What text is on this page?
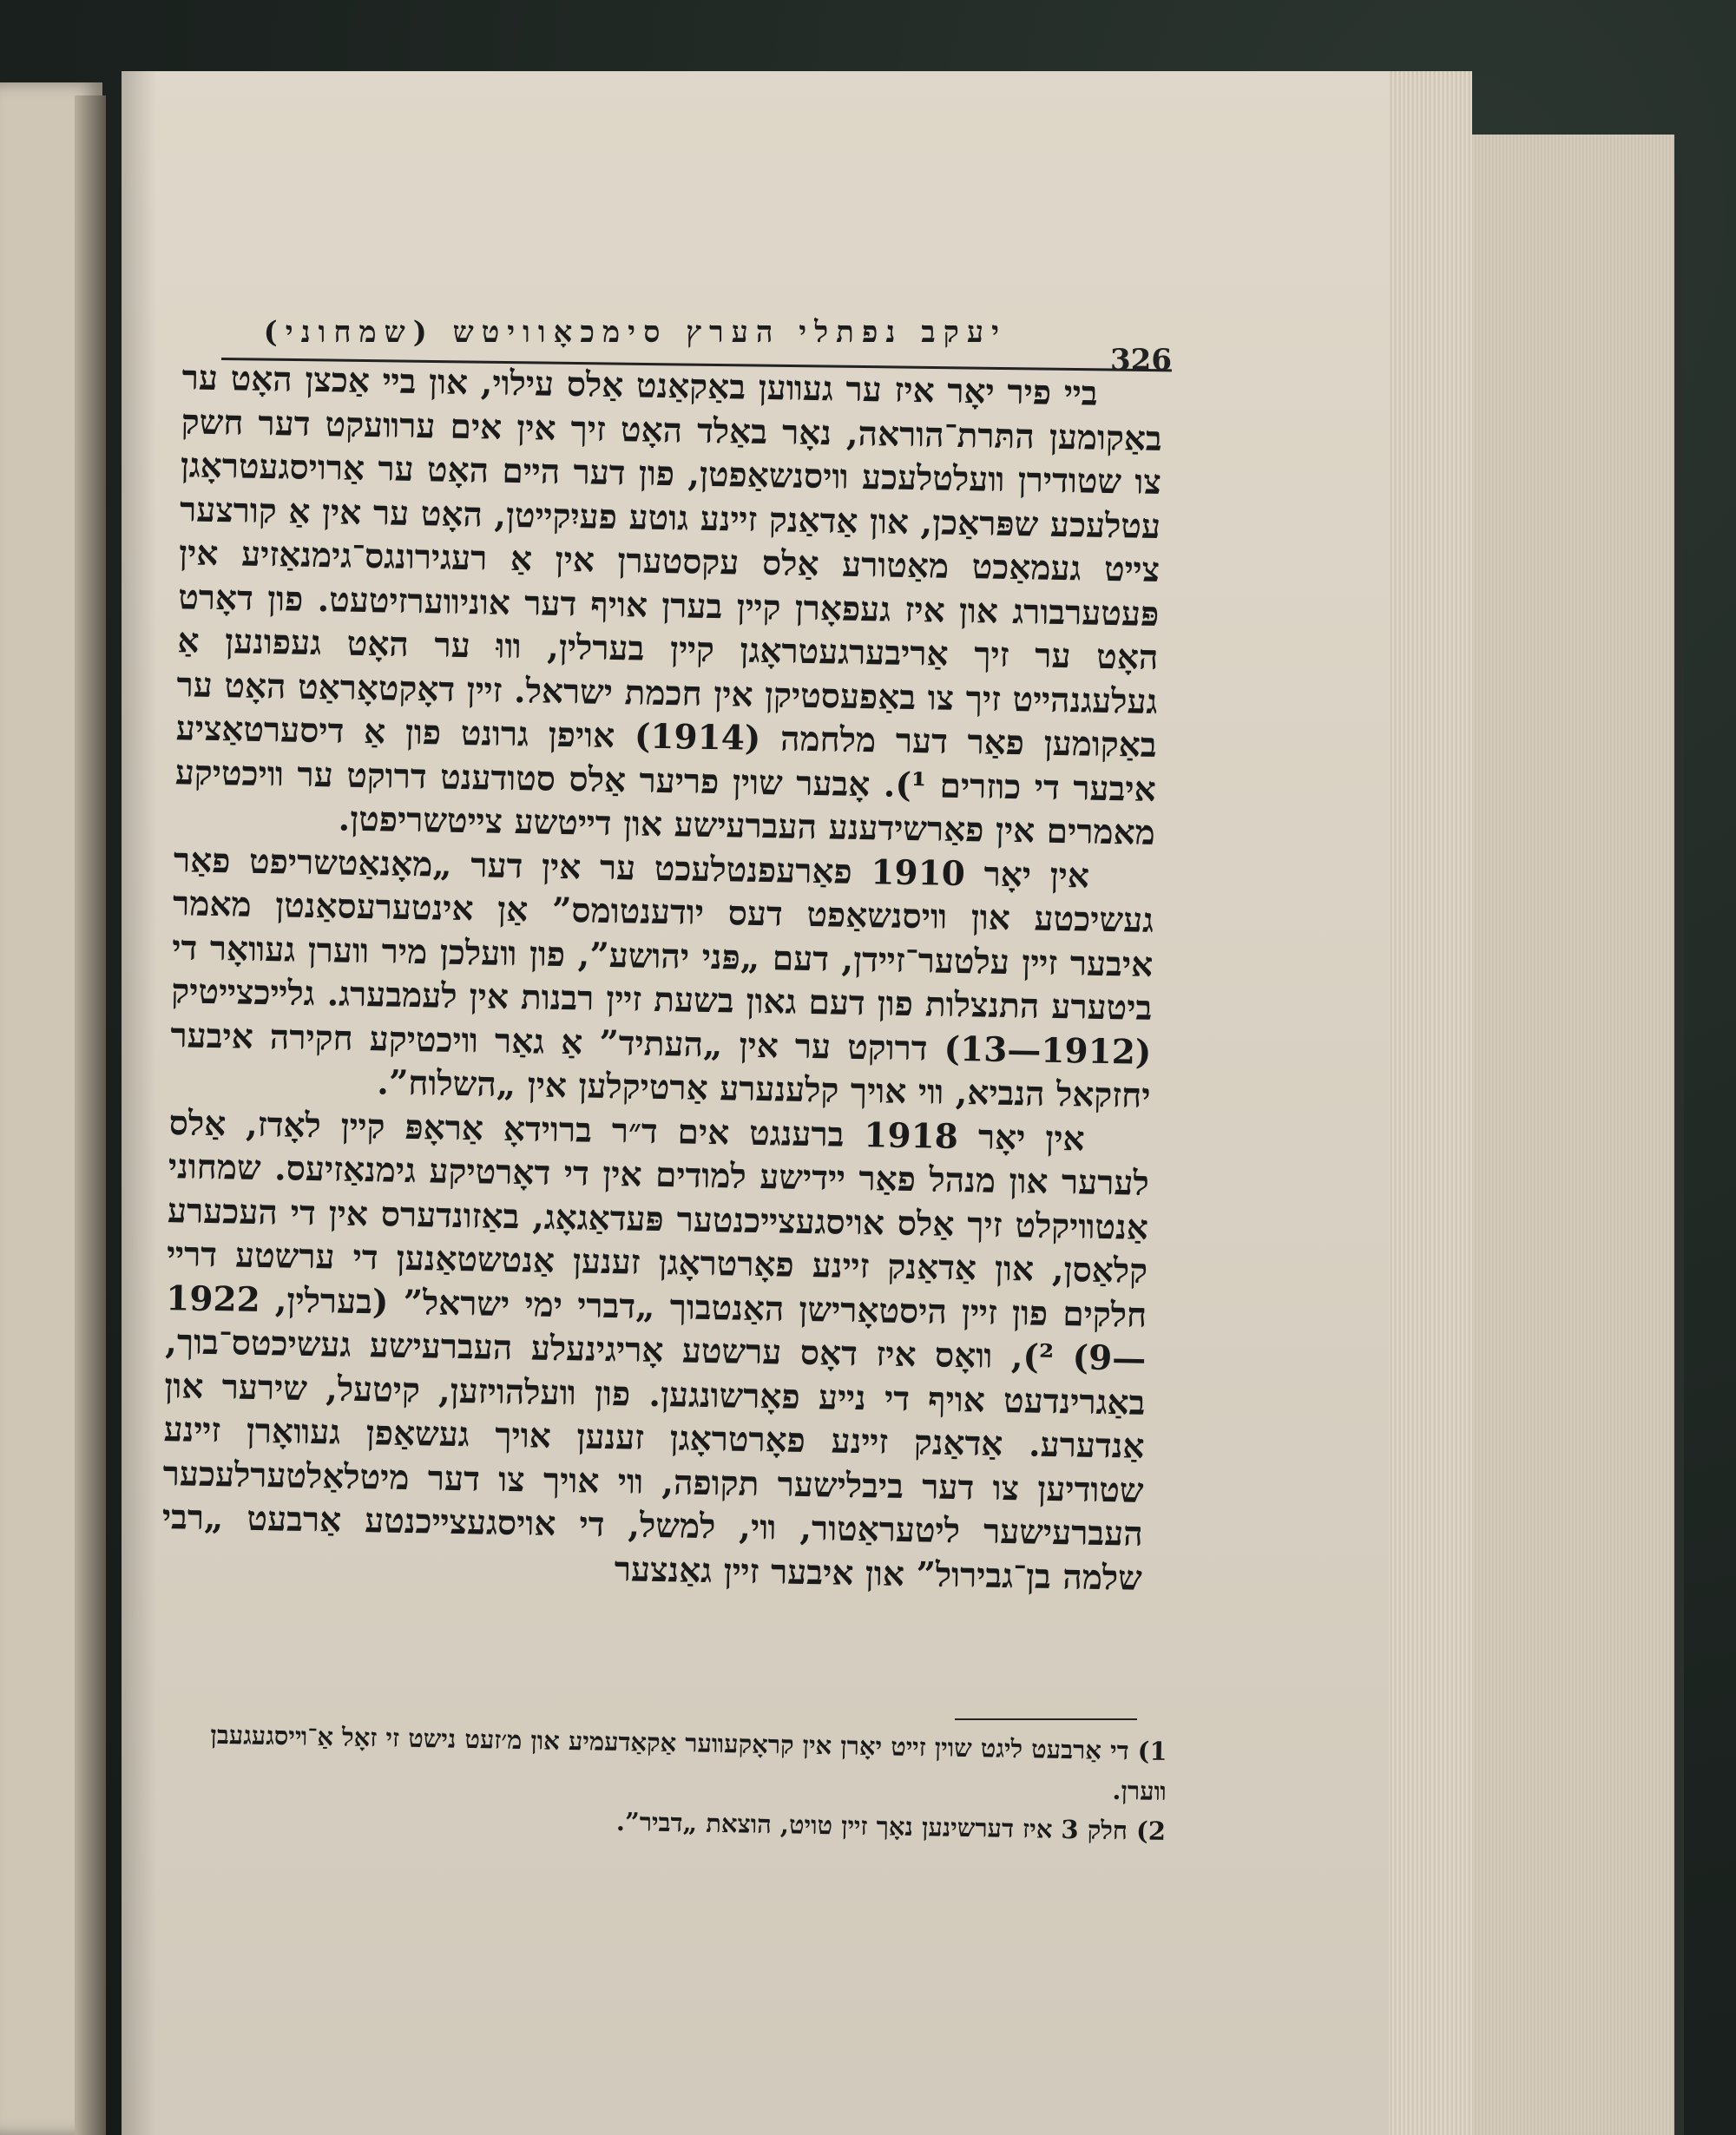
יעקב נפתלי הערץ סימכאָוויטש (שמחוני)
326

בײ פיר יאָר איז ער געװען באַקאַנט אַלס עילוי, און בײ אַכצן האָט ער באַקומען התּרת־הוראה, נאָר באַלד האָט זיך אין אים ערװעקט דער חשק צו שטודירן װעלטלעכע װיסנשאַפטן, פון דער הײם האָט ער אַרויסגעטראָגן עטלעכע שפּראַכן, און אַדאַנק זײנע גוטע פעיִקײטן, האָט ער אין אַ קורצער צײט געמאַכט מאַטורע אַלס עקסטערן אין אַ רעגירונגס־גימנאַזיע אין פּעטערבורג און איז געפאָרן קײן בערן אויף דער אוניװערזיטעט. פון דאָרט האָט ער זיך אַריבערגעטראָגן קײן בערלין, װוּ ער האָט געפונען אַ געלעגנהײט זיך צו באַפעסטיקן אין חכמת ישראל. זײן דאָקטאָראַט האָט ער באַקומען פאַר דער מלחמה (1914) אויפן גרונט פון אַ דיסערטאַציע איבער די כוזרים ¹). אָבער שוין פריער אַלס סטודענט דרוקט ער װיכטיקע מאמרים אין פאַרשידענע העברעישע און דײטשע צײטשריפטן.

אין יאָר 1910 פאַרעפנטלעכט ער אין דער „מאָנאַטשריפט פאַר געשיכטע און װיסנשאַפט דעס יודענטומס” אַן אינטערעסאַנטן מאמר איבער זײן עלטער־זײדן, דעם „פּני יהושע”, פון װעלכן מיר װערן געװאָר די ביטערע התנצלות פון דעם גאון בשעת זײן רבנות אין לעמבערג. גלײכצײטיק (1912—13) דרוקט ער אין „העתיד” אַ גאַר װיכטיקע חקירה איבער יחזקאל הנביא, װי אויך קלענערע אַרטיקלען אין „השלוח”.

אין יאָר 1918 ברענגט אים ד״ר ברוידאָ אַראָפּ קײן לאָדז, אַלס לערער און מנהל פאַר ײדישע למודים אין די דאָרטיקע גימנאַזיעס. שמחוני אַנטװיקלט זיך אַלס אויסגעצײכנטער פּעדאַגאָג, באַזונדערס אין די העכערע קלאַסן, און אַדאַנק זײנע פאָרטראָגן זענען אַנטשטאַנען די ערשטע דרײ חלקים פון זײן היסטאָרישן האַנטבוך „דברי ימי ישראל” (בערלין, 1922—9) ²), װאָס איז דאָס ערשטע אָריגינעלע העברעישע געשיכטס־בוך, באַגרינדעט אויף די נײע פאָרשונגען. פון װעלהויזען, קיטעל, שירער און אַנדערע. אַדאַנק זײנע פאָרטראָגן זענען אויך געשאַפן געװאָרן זײנע שטודיען צו דער ביבלישער תקופה, װי אויך צו דער מיטלאַלטערלעכער העברעישער ליטעראַטור, װי, למשל, די אויסגעצײכנטע אַרבעט „רבי שלמה בן־גבירול” און איבער זײן גאַנצער

1) די אַרבעט ליגט שוין זײט יאָרן אין קראָקעװער אַקאַדעמיע און מ׳זעט נישט זי זאָל אַ־ױיסגעגעבן װערן.

2) חלק 3 איז דערשינען נאָך זײן טויט, הוצאת „דביר”.
